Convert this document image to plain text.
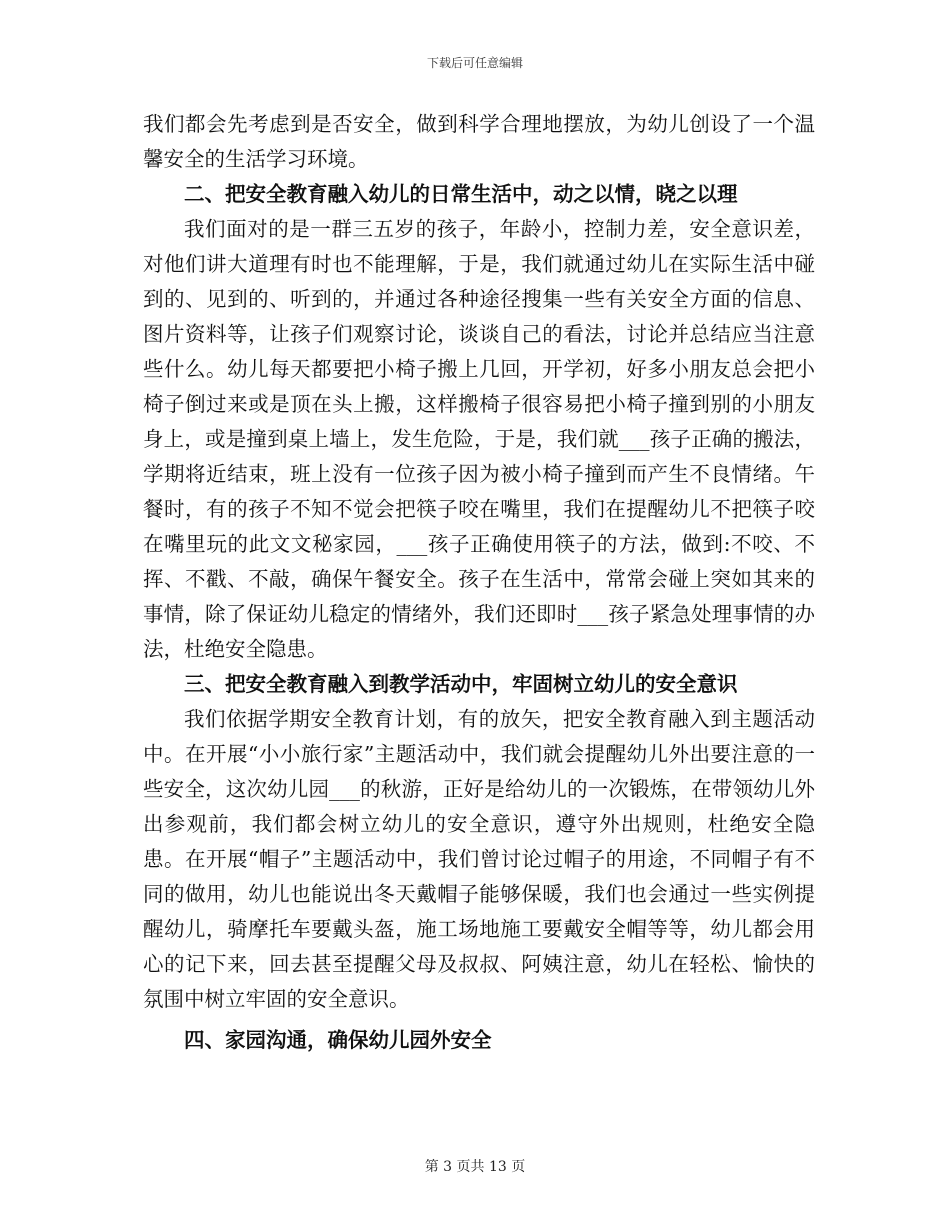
下载后可任意编辑

我们都会先考虑到是否安全，做到科学合理地摆放，为幼儿创设了一个温馨安全的生活学习环境。

二、把安全教育融入幼儿的日常生活中，动之以情，晓之以理

我们面对的是一群三五岁的孩子，年龄小，控制力差，安全意识差，对他们讲大道理有时也不能理解，于是，我们就通过幼儿在实际生活中碰到的、见到的、听到的，并通过各种途径搜集一些有关安全方面的信息、图片资料等，让孩子们观察讨论，谈谈自己的看法，讨论并总结应当注意些什么。幼儿每天都要把小椅子搬上几回，开学初，好多小朋友总会把小椅子倒过来或是顶在头上搬，这样搬椅子很容易把小椅子撞到别的小朋友身上，或是撞到桌上墙上，发生危险，于是，我们就___孩子正确的搬法，学期将近结束，班上没有一位孩子因为被小椅子撞到而产生不良情绪。午餐时，有的孩子不知不觉会把筷子咬在嘴里，我们在提醒幼儿不把筷子咬在嘴里玩的此文文秘家园，___孩子正确使用筷子的方法，做到:不咬、不挥、不戳、不敲，确保午餐安全。孩子在生活中，常常会碰上突如其来的事情，除了保证幼儿稳定的情绪外，我们还即时___孩子紧急处理事情的办法，杜绝安全隐患。

三、把安全教育融入到教学活动中，牢固树立幼儿的安全意识

我们依据学期安全教育计划，有的放矢，把安全教育融入到主题活动中。在开展“小小旅行家”主题活动中，我们就会提醒幼儿外出要注意的一些安全，这次幼儿园___的秋游，正好是给幼儿的一次锻炼，在带领幼儿外出参观前，我们都会树立幼儿的安全意识，遵守外出规则，杜绝安全隐患。在开展“帽子”主题活动中，我们曾讨论过帽子的用途，不同帽子有不同的做用，幼儿也能说出冬天戴帽子能够保暖，我们也会通过一些实例提醒幼儿，骑摩托车要戴头盔，施工场地施工要戴安全帽等等，幼儿都会用心的记下来，回去甚至提醒父母及叔叔、阿姨注意，幼儿在轻松、愉快的氛围中树立牢固的安全意识。

四、家园沟通，确保幼儿园外安全

第 3 页共 13 页
